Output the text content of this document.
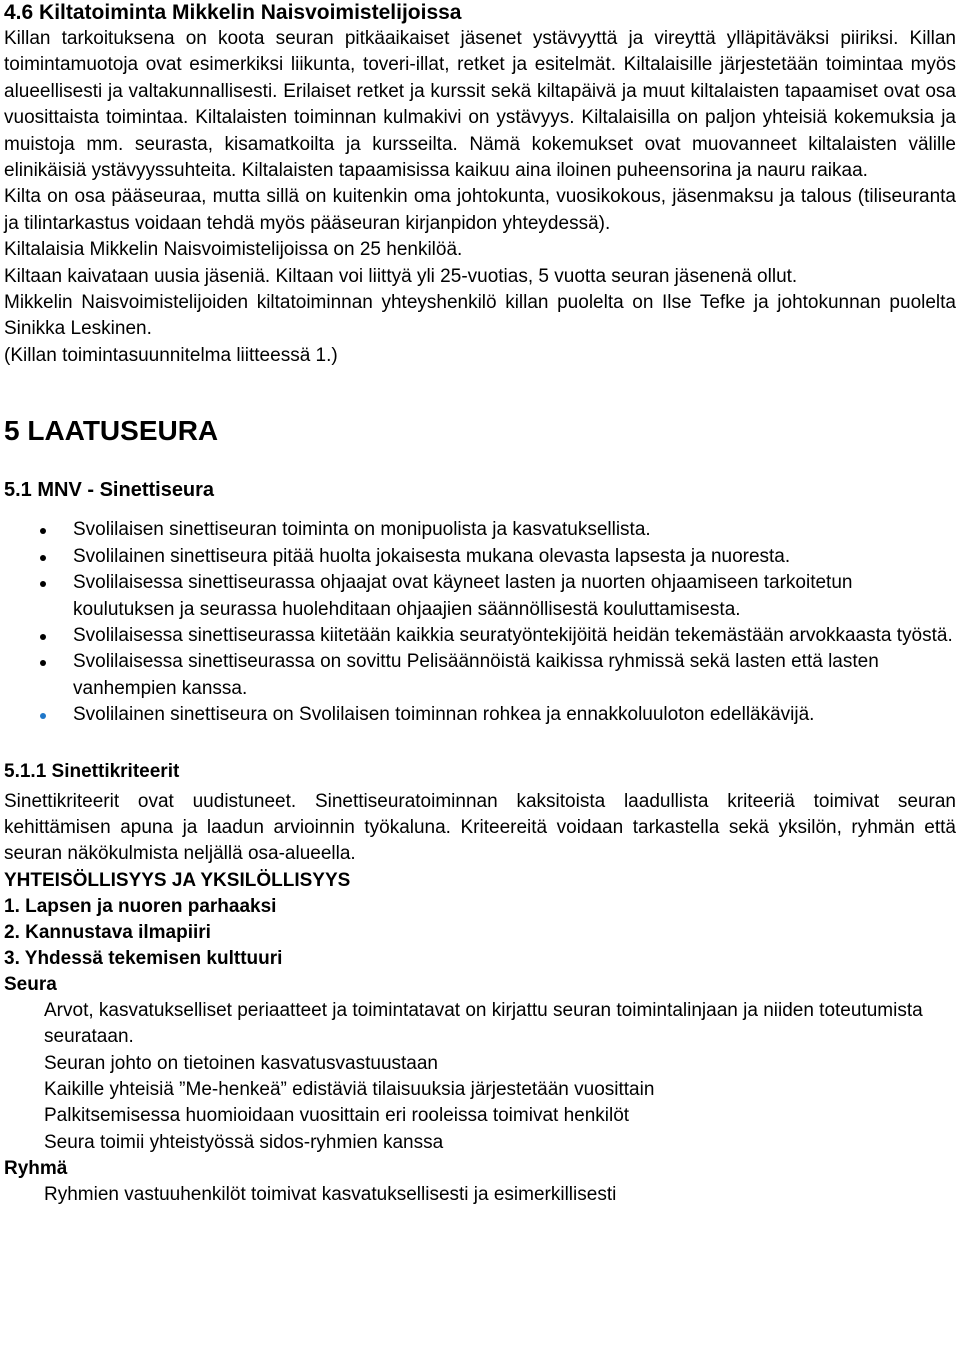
4.6 Kiltatoiminta Mikkelin Naisvoimistelijoissa

Killan tarkoituksena on koota seuran pitkäaikaiset jäsenet ystävyyttä ja vireyttä ylläpitäväksi piiriksi. Killan toimintamuotoja ovat esimerkiksi liikunta, toveri-illat, retket ja esitelmät. Kiltalaisille järjestetään toimintaa myös alueellisesti ja valtakunnallisesti. Erilaiset retket ja kurssit sekä kiltapäivä ja muut kiltalaisten tapaamiset ovat osa vuosittaista toimintaa. Kiltalaisten toiminnan kulmakivi on ystävyys. Kiltalaisilla on paljon yhteisiä kokemuksia ja muistoja mm. seurasta, kisamatkoilta ja kursseilta. Nämä kokemukset ovat muovanneet kiltalaisten välille elinikäisiä ystävyyssuhteita. Kiltalaisten tapaamisissa kaikuu aina iloinen puheensorina ja nauru raikaa.

Kilta on osa pääseuraa, mutta sillä on kuitenkin oma johtokunta, vuosikokous, jäsenmaksu ja talous (tiliseuranta ja tilintarkastus voidaan tehdä myös pääseuran kirjanpidon yhteydessä).

Kiltalaisia Mikkelin Naisvoimistelijoissa on 25 henkilöä.

Kiltaan kaivataan uusia jäseniä. Kiltaan voi liittyä yli 25-vuotias, 5 vuotta seuran jäsenenä ollut.

Mikkelin Naisvoimistelijoiden kiltatoiminnan yhteyshenkilö killan puolelta on Ilse Tefke ja johtokunnan puolelta Sinikka Leskinen.

(Killan toimintasuunnitelma liitteessä 1.)

5 LAATUSEURA
5.1 MNV - Sinettiseura
Svolilaisen sinettiseuran toiminta on monipuolista ja kasvatuksellista.
Svolilainen sinettiseura pitää huolta jokaisesta mukana olevasta lapsesta ja nuoresta.
Svolilaisessa sinettiseurassa ohjaajat ovat käyneet lasten ja nuorten ohjaamiseen tarkoitetun koulutuksen ja seurassa huolehditaan ohjaajien säännöllisestä kouluttamisesta.
Svolilaisessa sinettiseurassa kiitetään kaikkia seuratyöntekijöitä heidän tekemästään arvokkaasta työstä.
Svolilaisessa sinettiseurassa on sovittu Pelisäännöistä kaikissa ryhmissä sekä lasten että lasten vanhempien kanssa.
Svolilainen sinettiseura on Svolilaisen toiminnan rohkea ja ennakkoluuloton edelläkävijä.
5.1.1 Sinettikriteerit

Sinettikriteerit ovat uudistuneet. Sinettiseuratoiminnan kaksitoista laadullista kriteeriä toimivat seuran kehittämisen apuna ja laadun arvioinnin työkaluna. Kriteereitä voidaan tarkastella sekä yksilön, ryhmän että seuran näkökulmista neljällä osa-alueella.

YHTEISÖLLISYYS JA YKSILÖLLISYYS

1. Lapsen ja nuoren parhaaksi

2. Kannustava ilmapiiri

3. Yhdessä tekemisen kulttuuri

Seura

Arvot, kasvatukselliset periaatteet ja toimintatavat on kirjattu seuran toimintalinjaan ja niiden toteutumista seurataan.

Seuran johto on tietoinen kasvatusvastuustaan

Kaikille yhteisiä ”Me-henkeä” edistäviä tilaisuuksia järjestetään vuosittain

Palkitsemisessa huomioidaan vuosittain eri rooleissa toimivat henkilöt

Seura toimii yhteistyössä sidos-ryhmien kanssa

Ryhmä

Ryhmien vastuuhenkilöt toimivat kasvatuksellisesti ja esimerkillisesti
